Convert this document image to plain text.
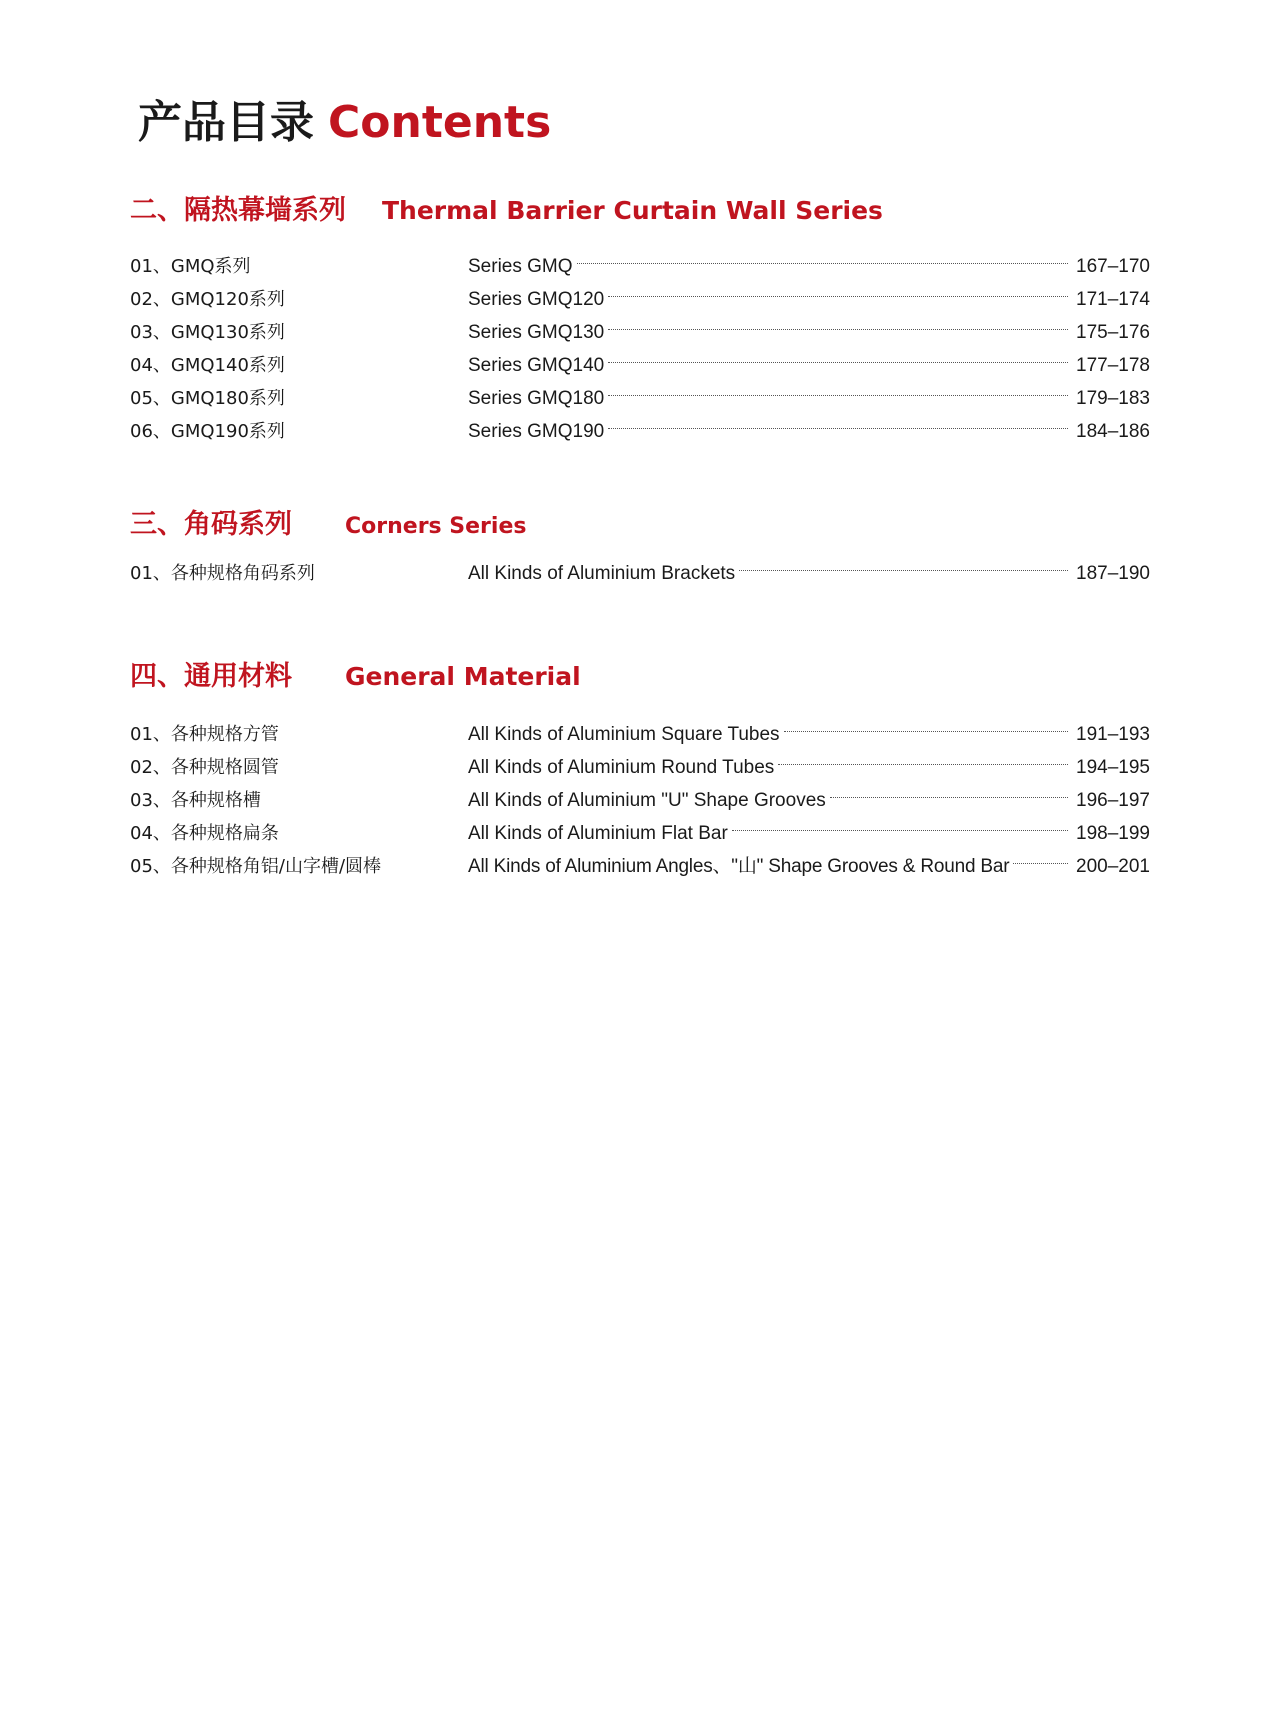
产品目录 Contents
二、隔热幕墙系列 Thermal Barrier Curtain Wall Series
01、GMQ系列	Series GMQ	167–170
02、GMQ120系列	Series GMQ120	171–174
03、GMQ130系列	Series GMQ130	175–176
04、GMQ140系列	Series GMQ140	177–178
05、GMQ180系列	Series GMQ180	179–183
06、GMQ190系列	Series GMQ190	184–186
三、角码系列 Corners Series
01、各种规格角码系列	All Kinds of Aluminium Brackets	187–190
四、通用材料 General Material
01、各种规格方管	All Kinds of Aluminium Square Tubes	191–193
02、各种规格圆管	All Kinds of Aluminium Round Tubes	194–195
03、各种规格槽	All Kinds of Aluminium "U" Shape Grooves	196–197
04、各种规格扁条	All Kinds of Aluminium Flat Bar	198–199
05、各种规格角铝/山字槽/圆棒	All Kinds of Aluminium Angles、"山" Shape Grooves & Round Bar	200–201
